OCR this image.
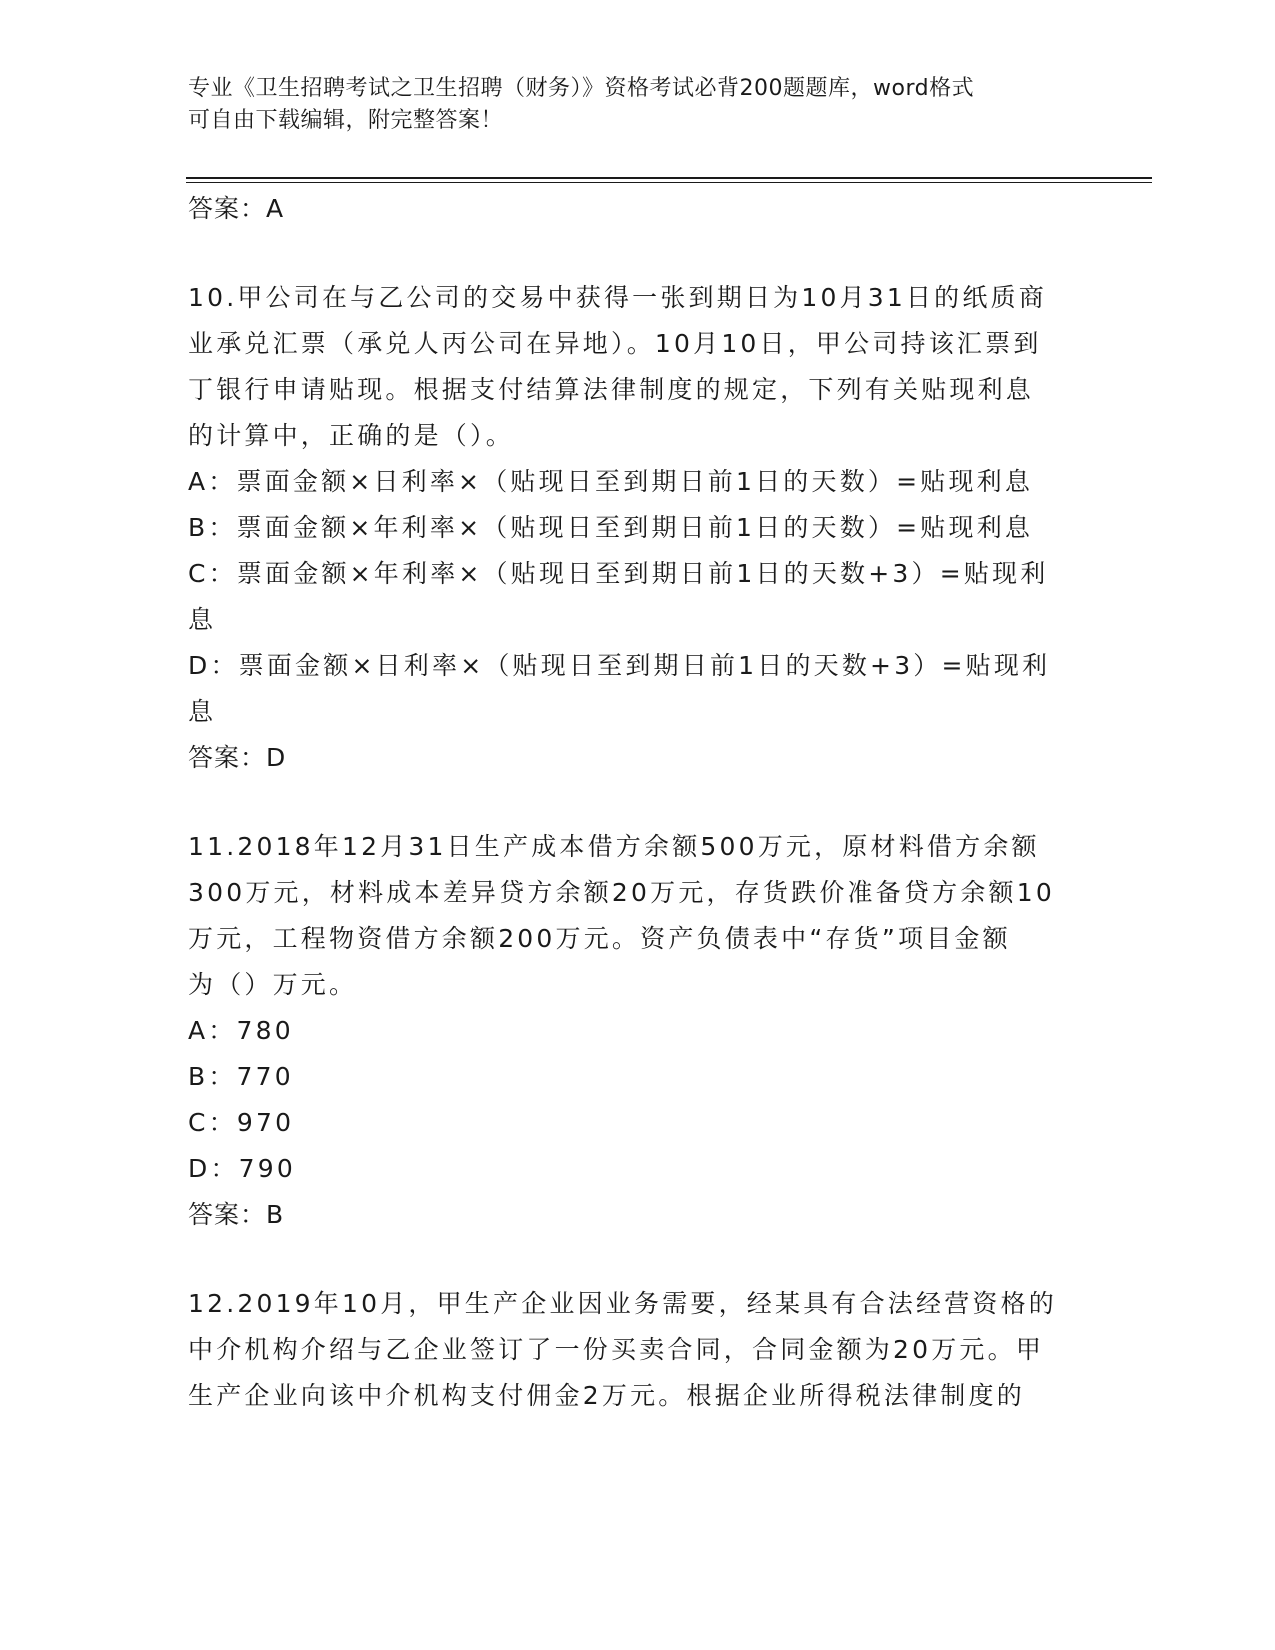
专业《卫生招聘考试之卫生招聘（财务）》资格考试必背200题题库，word格式
可自由下载编辑，附完整答案！

答案：A

10.甲公司在与乙公司的交易中获得一张到期日为10月31日的纸质商

业承兑汇票（承兑人丙公司在异地）。10月10日，甲公司持该汇票到

丁银行申请贴现。根据支付结算法律制度的规定，下列有关贴现利息

的计算中，正确的是（）。

A：票面金额×日利率×（贴现日至到期日前1日的天数）=贴现利息

B：票面金额×年利率×（贴现日至到期日前1日的天数）=贴现利息

C：票面金额×年利率×（贴现日至到期日前1日的天数+3）=贴现利

息

D：票面金额×日利率×（贴现日至到期日前1日的天数+3）=贴现利

息

答案：D

11.2018年12月31日生产成本借方余额500万元，原材料借方余额

300万元，材料成本差异贷方余额20万元，存货跌价准备贷方余额10

万元，工程物资借方余额200万元。资产负债表中“存货”项目金额

为（）万元。

A：780

B：770

C：970

D：790

答案：B

12.2019年10月，甲生产企业因业务需要，经某具有合法经营资格的

中介机构介绍与乙企业签订了一份买卖合同，合同金额为20万元。甲

生产企业向该中介机构支付佣金2万元。根据企业所得税法律制度的
